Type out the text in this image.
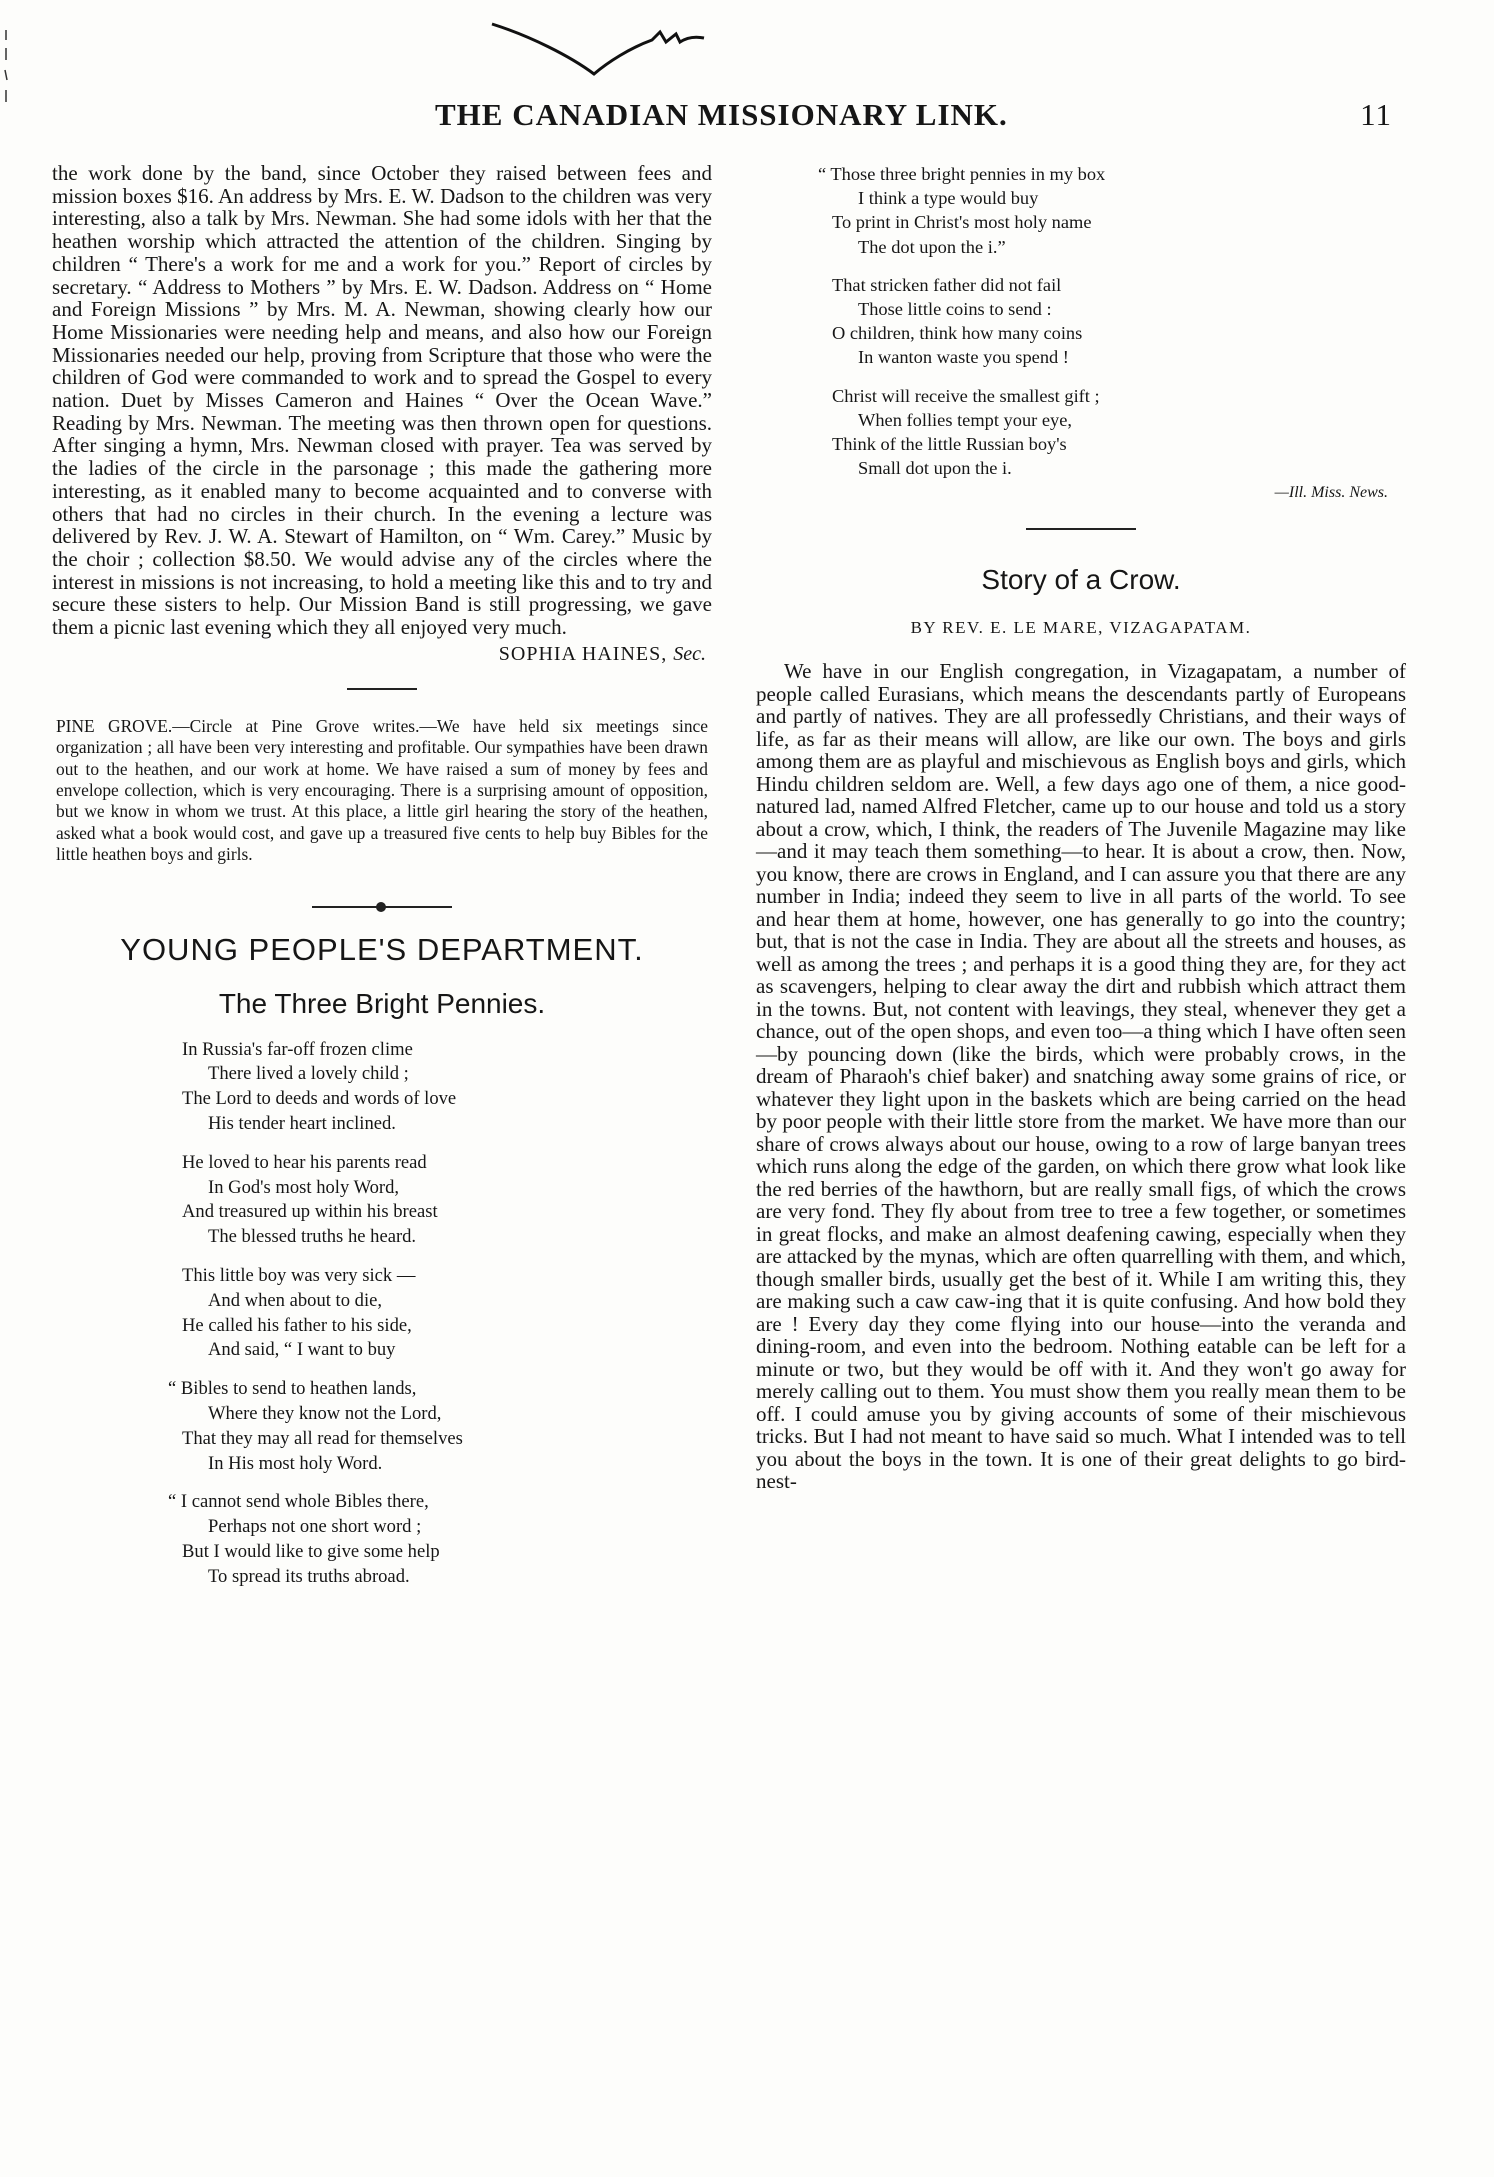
THE CANADIAN MISSIONARY LINK.	11

the work done by the band, since October they raised between fees and mission boxes $16. An address by Mrs. E. W. Dadson to the children was very interesting, also a talk by Mrs. Newman. She had some idols with her that the heathen worship which attracted the attention of the children. Singing by children “ There's a work for me and a work for you.” Report of circles by secretary. “ Address to Mothers ” by Mrs. E. W. Dadson. Address on “ Home and Foreign Missions ” by Mrs. M. A. Newman, showing clearly how our Home Missionaries were needing help and means, and also how our Foreign Missionaries needed our help, proving from Scripture that those who were the children of God were commanded to work and to spread the Gospel to every nation. Duet by Misses Cameron and Haines “ Over the Ocean Wave.” Reading by Mrs. Newman. The meeting was then thrown open for questions. After singing a hymn, Mrs. Newman closed with prayer. Tea was served by the ladies of the circle in the parsonage ; this made the gathering more interesting, as it enabled many to become acquainted and to converse with others that had no circles in their church. In the evening a lecture was delivered by Rev. J. W. A. Stewart of Hamilton, on “ Wm. Carey.” Music by the choir ; collection $8.50. We would advise any of the circles where the interest in missions is not increasing, to hold a meeting like this and to try and secure these sisters to help. Our Mission Band is still progressing, we gave them a picnic last evening which they all enjoyed very much.

SOPHIA HAINES, Sec.

PINE GROVE.—Circle at Pine Grove writes.—We have held six meetings since organization ; all have been very interesting and profitable. Our sympathies have been drawn out to the heathen, and our work at home. We have raised a sum of money by fees and envelope collection, which is very encouraging. There is a surprising amount of opposition, but we know in whom we trust. At this place, a little girl hearing the story of the heathen, asked what a book would cost, and gave up a treasured five cents to help buy Bibles for the little heathen boys and girls.

YOUNG PEOPLE'S DEPARTMENT.
The Three Bright Pennies.
In Russia's far-off frozen clime
There lived a lovely child ;
The Lord to deeds and words of love
His tender heart inclined.
He loved to hear his parents read
In God's most holy Word,
And treasured up within his breast
The blessed truths he heard.
This little boy was very sick —
And when about to die,
He called his father to his side,
And said, “ I want to buy
“ Bibles to send to heathen lands,
Where they know not the Lord,
That they may all read for themselves
In His most holy Word.
“ I cannot send whole Bibles there,
Perhaps not one short word ;
But I would like to give some help
To spread its truths abroad.
“ Those three bright pennies in my box
I think a type would buy
To print in Christ's most holy name
The dot upon the i.”
That stricken father did not fail
Those little coins to send :
O children, think how many coins
In wanton waste you spend !
Christ will receive the smallest gift ;
When follies tempt your eye,
Think of the little Russian boy's
Small dot upon the i.
—Ill. Miss. News.
Story of a Crow.
BY REV. E. LE MARE, VIZAGAPATAM.

We have in our English congregation, in Vizagapatam, a number of people called Eurasians, which means the descendants partly of Europeans and partly of natives. They are all professedly Christians, and their ways of life, as far as their means will allow, are like our own. The boys and girls among them are as playful and mischievous as English boys and girls, which Hindu children seldom are. Well, a few days ago one of them, a nice good-natured lad, named Alfred Fletcher, came up to our house and told us a story about a crow, which, I think, the readers of The Juvenile Magazine may like—and it may teach them something—to hear. It is about a crow, then. Now, you know, there are crows in England, and I can assure you that there are any number in India; indeed they seem to live in all parts of the world. To see and hear them at home, however, one has generally to go into the country; but, that is not the case in India. They are about all the streets and houses, as well as among the trees ; and perhaps it is a good thing they are, for they act as scavengers, helping to clear away the dirt and rubbish which attract them in the towns. But, not content with leavings, they steal, whenever they get a chance, out of the open shops, and even too—a thing which I have often seen—by pouncing down (like the birds, which were probably crows, in the dream of Pharaoh's chief baker) and snatching away some grains of rice, or whatever they light upon in the baskets which are being carried on the head by poor people with their little store from the market. We have more than our share of crows always about our house, owing to a row of large banyan trees which runs along the edge of the garden, on which there grow what look like the red berries of the hawthorn, but are really small figs, of which the crows are very fond. They fly about from tree to tree a few together, or sometimes in great flocks, and make an almost deafening cawing, especially when they are attacked by the mynas, which are often quarrelling with them, and which, though smaller birds, usually get the best of it. While I am writing this, they are making such a caw caw-ing that it is quite confusing. And how bold they are ! Every day they come flying into our house—into the veranda and dining-room, and even into the bedroom. Nothing eatable can be left for a minute or two, but they would be off with it. And they won't go away for merely calling out to them. You must show them you really mean them to be off. I could amuse you by giving accounts of some of their mischievous tricks. But I had not meant to have said so much. What I intended was to tell you about the boys in the town. It is one of their great delights to go bird-nest-
